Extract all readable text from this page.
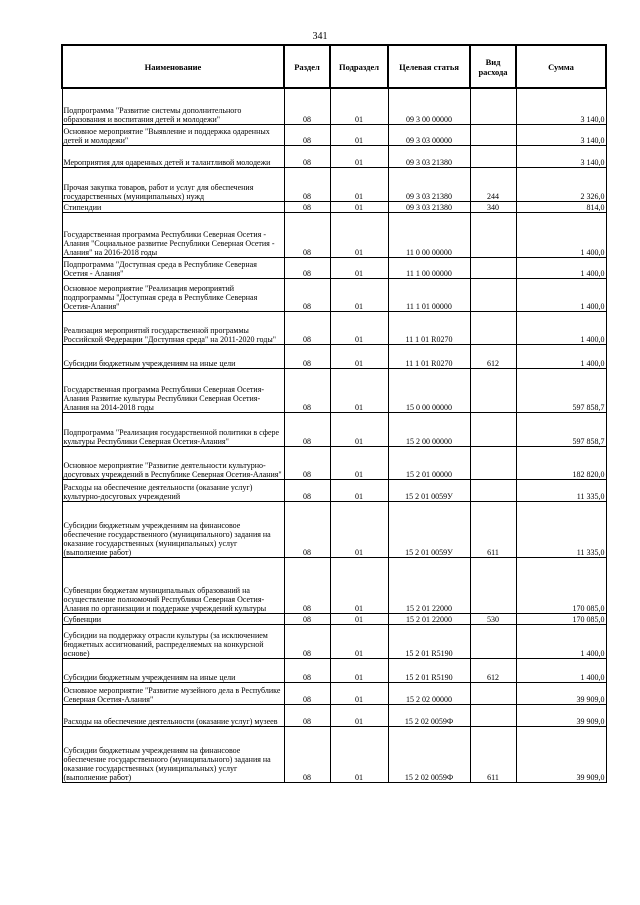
341
Наименование	Раздел	Подраздел	Целевая статья	Вид расхода	Сумма
Подпрограмма "Развитие системы дополнительного образования и воспитания детей и молодежи"	08	01	09 3 00 00000		3 140,0
Основное мероприятие "Выявление и поддержка одаренных детей и молодежи"	08	01	09 3 03 00000		3 140,0
Мероприятия для одаренных детей и талантливой молодежи	08	01	09 3 03 21380		3 140,0
Прочая закупка товаров, работ и услуг для обеспечения государственных (муниципальных) нужд	08	01	09 3 03 21380	244	2 326,0
Стипендии	08	01	09 3 03 21380	340	814,0
Государственная программа Республики Северная Осетия - Алания "Социальное развитие Республики Северная Осетия - Алания" на 2016-2018 годы	08	01	11 0 00 00000		1 400,0
Подпрограмма "Доступная среда в Республике Северная Осетия - Алания"	08	01	11 1 00 00000		1 400,0
Основное мероприятие "Реализация мероприятий подпрограммы "Доступная среда в Республике Северная Осетия-Алания"	08	01	11 1 01 00000		1 400,0
Реализация мероприятий государственной программы Российской Федерации "Доступная среда" на 2011-2020 годы"	08	01	11 1 01 R0270		1 400,0
Субсидии бюджетным учреждениям на иные цели	08	01	11 1 01 R0270	612	1 400,0
Государственная программа Республики Северная Осетия-Алания Развитие культуры Республики Северная Осетия-Алания на 2014-2018 годы	08	01	15 0 00 00000		597 858,7
Подпрограмма "Реализация государственной политики в сфере культуры Республики Северная Осетия-Алания"	08	01	15 2 00 00000		597 858,7
Основное мероприятие "Развитие деятельности культурно-досуговых учреждений в Республике Северная Осетия-Алания"	08	01	15 2 01 00000		182 820,0
Расходы на обеспечение деятельности (оказание услуг) культурно-досуговых учреждений	08	01	15 2 01 0059У		11 335,0
Субсидии бюджетным учреждениям на финансовое обеспечение государственного (муниципального) задания на оказание государственных (муниципальных) услуг (выполнение работ)	08	01	15 2 01 0059У	611	11 335,0
Субвенции бюджетам муниципальных образований на осуществление полномочий Республики Северная Осетия-Алания по организации и поддержке учреждений культуры	08	01	15 2 01 22000		170 085,0
Субвенции	08	01	15 2 01 22000	530	170 085,0
Субсидии на поддержку отрасли культуры (за исключением бюджетных ассигнований, распределяемых на конкурсной основе)	08	01	15 2 01 R5190		1 400,0
Субсидии бюджетным учреждениям на иные цели	08	01	15 2 01 R5190	612	1 400,0
Основное мероприятие "Развитие музейного дела в Республике Северная Осетия-Алания"	08	01	15 2 02 00000		39 909,0
Расходы на обеспечение деятельности (оказание услуг) музеев	08	01	15 2 02 0059Ф		39 909,0
Субсидии бюджетным учреждениям на финансовое обеспечение государственного (муниципального) задания на оказание государственных (муниципальных) услуг (выполнение работ)	08	01	15 2 02 0059Ф	611	39 909,0
